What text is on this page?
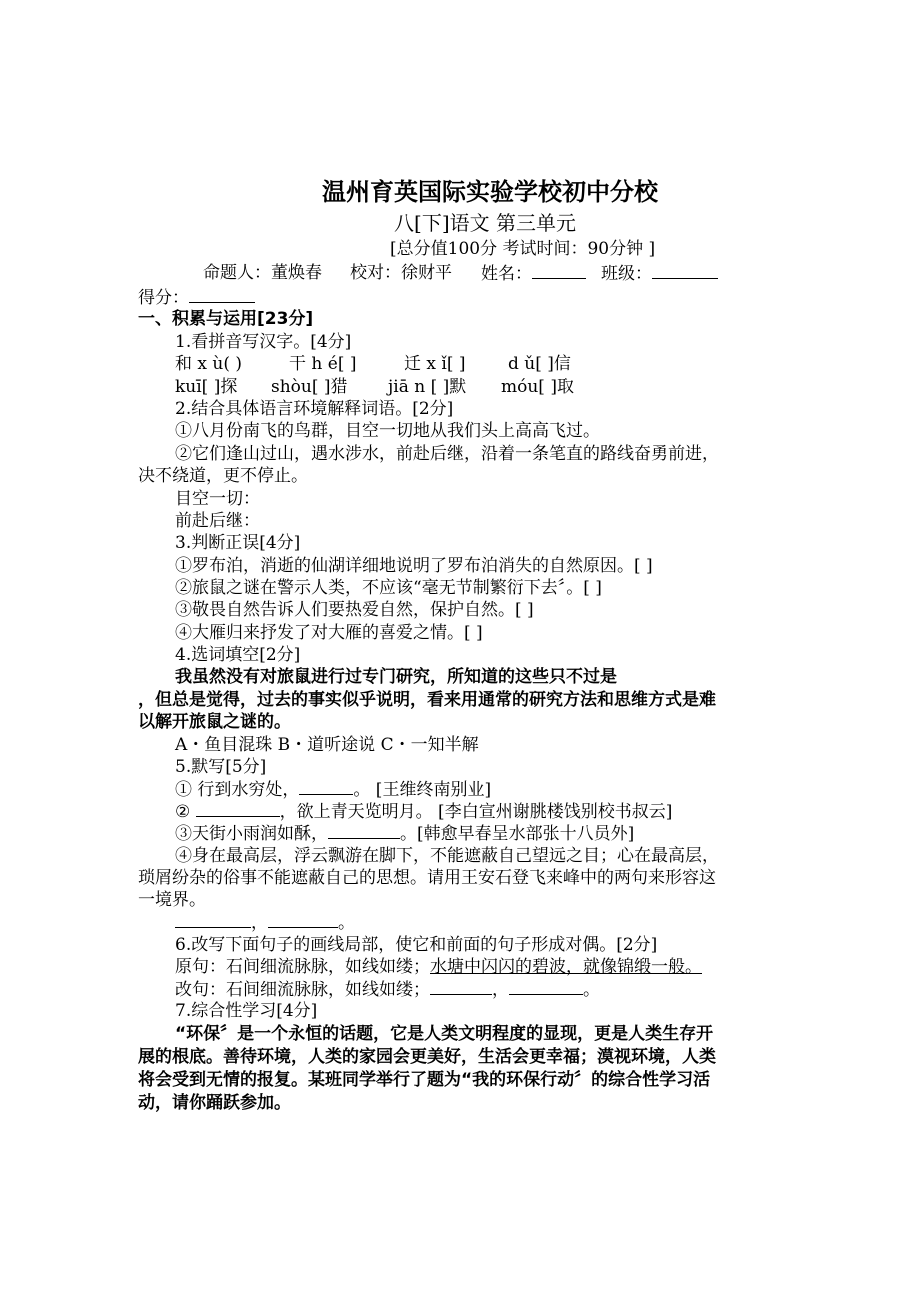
温州育英国际实验学校初中分校
八[下]语文 第三单元
[总分值100分 考试时间：90分钟 ]
命题人：董焕春 校对：徐财平 姓名：	班级：
得分：
一、积累与运用[23分]
1.看拼音写汉字。[4分]
和 x ù( )	干 h é[ ]	迁 x ǐ[ ] d ǔ[ ]信
kuī[ ]探 shòu[ ]猎 jiā n [ ]默 móu[ ]取
2.结合具体语言环境解释词语。[2分]
①八月份南飞的鸟群，目空一切地从我们头上高高飞过。
②它们逢山过山，遇水涉水，前赴后继，沿着一条笔直的路线奋勇前进，
决不绕道，更不停止。
目空一切：
前赴后继：
3.判断正误[4分]
①罗布泊，消逝的仙湖详细地说明了罗布泊消失的自然原因。[ ]
②旅鼠之谜在警示人类，不应该“毫无节制繁衍下去〞。[ ]
③敬畏自然告诉人们要热爱自然，保护自然。[ ]
④大雁归来抒发了对大雁的喜爱之情。[ ]
4.选词填空[2分]
我虽然没有对旅鼠进行过专门研究，所知道的这些只不过是
，但总是觉得，过去的事实似乎说明，看来用通常的研究方法和思维方式是难
以解开旅鼠之谜的。
A・鱼目混珠 B・道听途说 C・一知半解
5.默写[5分]
① 行到水穷处，	。 [王维终南别业]
②	，欲上青天览明月。 [李白宣州谢朓楼饯别校书叔云]
③天街小雨润如酥，	。[韩愈早春呈水部张十八员外]
④身在最高层，浮云飘游在脚下，不能遮蔽自己望远之目；心在最高层，
琐屑纷杂的俗事不能遮蔽自己的思想。请用王安石登飞来峰中的两句来形容这
一境界。
，	。
6.改写下面句子的画线局部，使它和前面的句子形成对偶。[2分]
原句：石间细流脉脉，如线如缕；水塘中闪闪的碧波，就像锦缎一般。
改句：石间细流脉脉，如线如缕；	，	。
7.综合性学习[4分]
“环保〞是一个永恒的话题，它是人类文明程度的显现，更是人类生存开
展的根底。善待环境，人类的家园会更美好，生活会更幸福；漠视环境，人类
将会受到无情的报复。某班同学举行了题为“我的环保行动〞的综合性学习活
动，请你踊跃参加。
